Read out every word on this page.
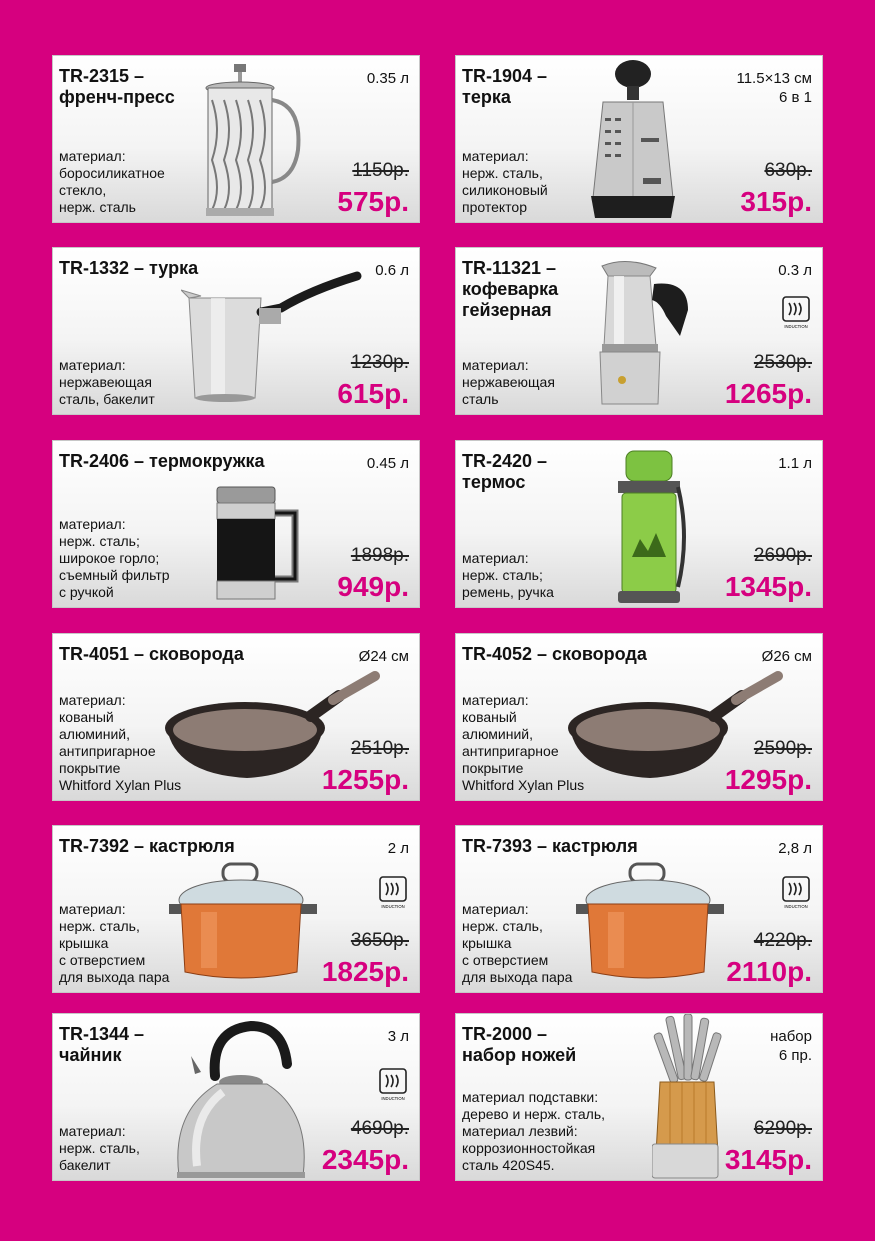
TR-2315 –
френч-пресс
0.35 л
материал:
боросиликатное
стекло,
нерж. сталь
1150р.
575р.
TR-1904 –
терка
11.5×13 см
6 в 1
материал:
нерж. сталь,
силиконовый
протектор
630р.
315р.
TR-1332 – турка	0.6 л
материал:
нержавеющая
сталь, бакелит
1230р.
615р.
TR-11321 –
кофеварка
гейзерная
0.3 л
INDUCTION
материал:
нержавеющая
сталь
2530р.
1265р.
TR-2406 – термокружка	0.45 л
материал:
нерж. сталь;
широкое горло;
съемный фильтр
с ручкой
1898р.
949р.
TR-2420 –
термос
1.1 л
материал:
нерж. сталь;
ремень, ручка
2690р.
1345р.
TR-4051 – сковорода	Ø24 см
материал:
кованый
алюминий,
антипригарное
покрытие
Whitford Xylan Plus
2510р.
1255р.
TR-4052 – сковорода	Ø26 см
материал:
кованый
алюминий,
антипригарное
покрытие
Whitford Xylan Plus
2590р.
1295р.
TR-7392 – кастрюля	2 л
INDUCTION
материал:
нерж. сталь,
крышка
с отверстием
для выхода пара
3650р.
1825р.
TR-7393 – кастрюля	2,8 л
INDUCTION
материал:
нерж. сталь,
крышка
с отверстием
для выхода пара
4220р.
2110р.
TR-1344 –
чайник
3 л
INDUCTION
материал:
нерж. сталь,
бакелит
4690р.
2345р.
TR-2000 –
набор ножей
набор
6 пр.
материал подставки:
дерево и нерж. сталь,
материал лезвий:
коррозионностойкая
сталь 420S45.
6290р.
3145р.
